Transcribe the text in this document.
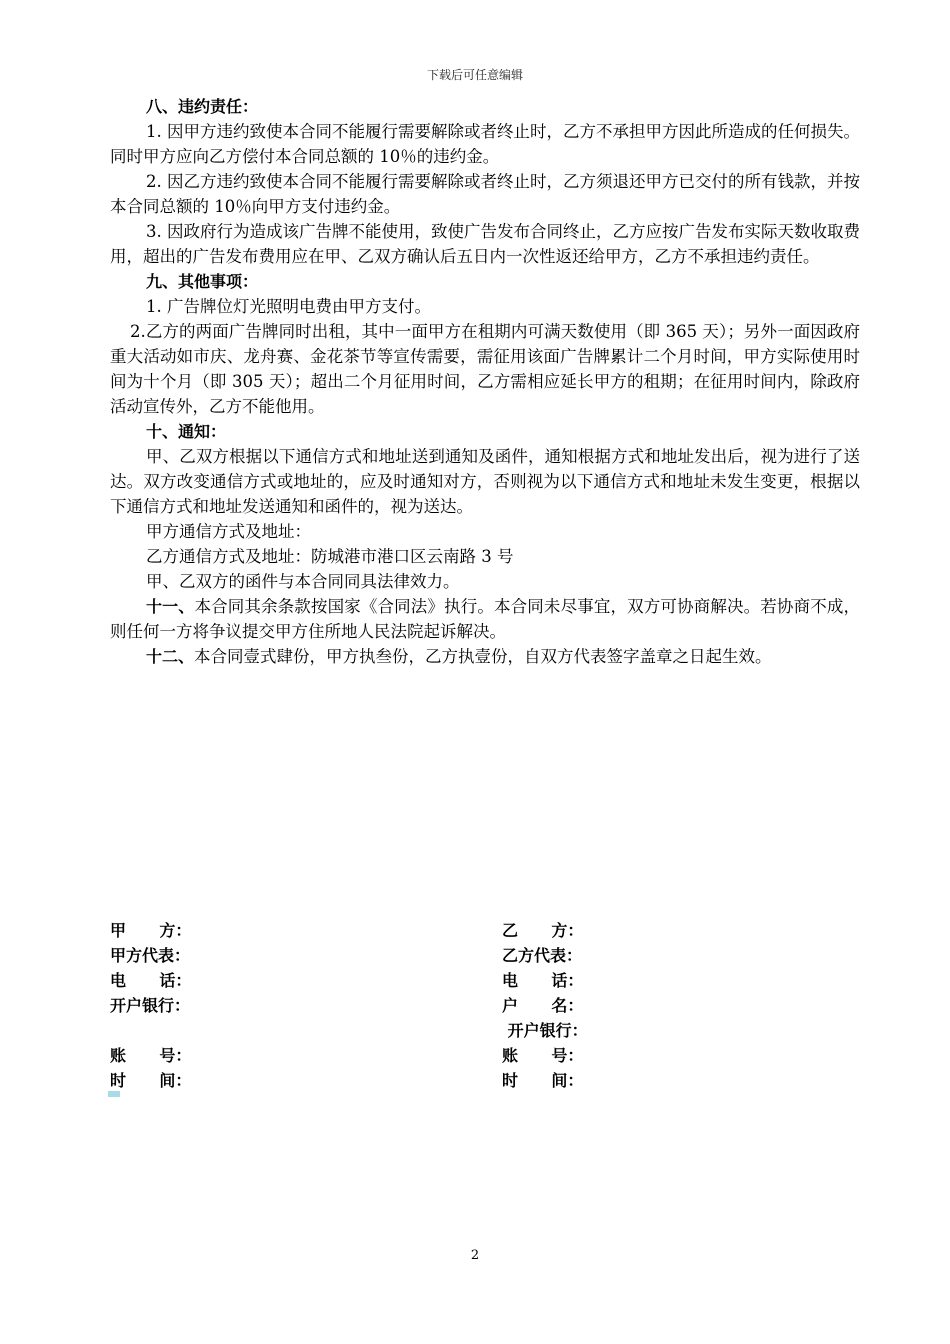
下载后可任意编辑

八、违约责任：

1. 因甲方违约致使本合同不能履行需要解除或者终止时，乙方不承担甲方因此所造成的任何损失。同时甲方应向乙方偿付本合同总额的 10％的违约金。

2. 因乙方违约致使本合同不能履行需要解除或者终止时，乙方须退还甲方已交付的所有钱款，并按本合同总额的 10％向甲方支付违约金。

3. 因政府行为造成该广告牌不能使用，致使广告发布合同终止，乙方应按广告发布实际天数收取费用，超出的广告发布费用应在甲、乙双方确认后五日内一次性返还给甲方，乙方不承担违约责任。

九、其他事项：

1. 广告牌位灯光照明电费由甲方支付。

2.乙方的两面广告牌同时出租，其中一面甲方在租期内可满天数使用（即 365 天）；另外一面因政府重大活动如市庆、龙舟赛、金花茶节等宣传需要，需征用该面广告牌累计二个月时间，甲方实际使用时间为十个月（即 305 天）；超出二个月征用时间，乙方需相应延长甲方的租期；在征用时间内，除政府活动宣传外，乙方不能他用。

十、通知：

甲、乙双方根据以下通信方式和地址送到通知及函件，通知根据方式和地址发出后，视为进行了送达。双方改变通信方式或地址的，应及时通知对方，否则视为以下通信方式和地址未发生变更，根据以下通信方式和地址发送通知和函件的，视为送达。

甲方通信方式及地址：

乙方通信方式及地址：防城港市港口区云南路 3 号

甲、乙双方的函件与本合同同具法律效力。

十一、本合同其余条款按国家《合同法》执行。本合同未尽事宜，双方可协商解决。若协商不成，则任何一方将争议提交甲方住所地人民法院起诉解决。

十二、本合同壹式肆份，甲方执叁份，乙方执壹份，自双方代表签字盖章之日起生效。

甲      方：
甲方代表：
电      话：
开户银行：
账      号：
时      间：
乙      方：
乙方代表：
电      话：
户      名：
开户银行：
账      号：
时      间：
2
